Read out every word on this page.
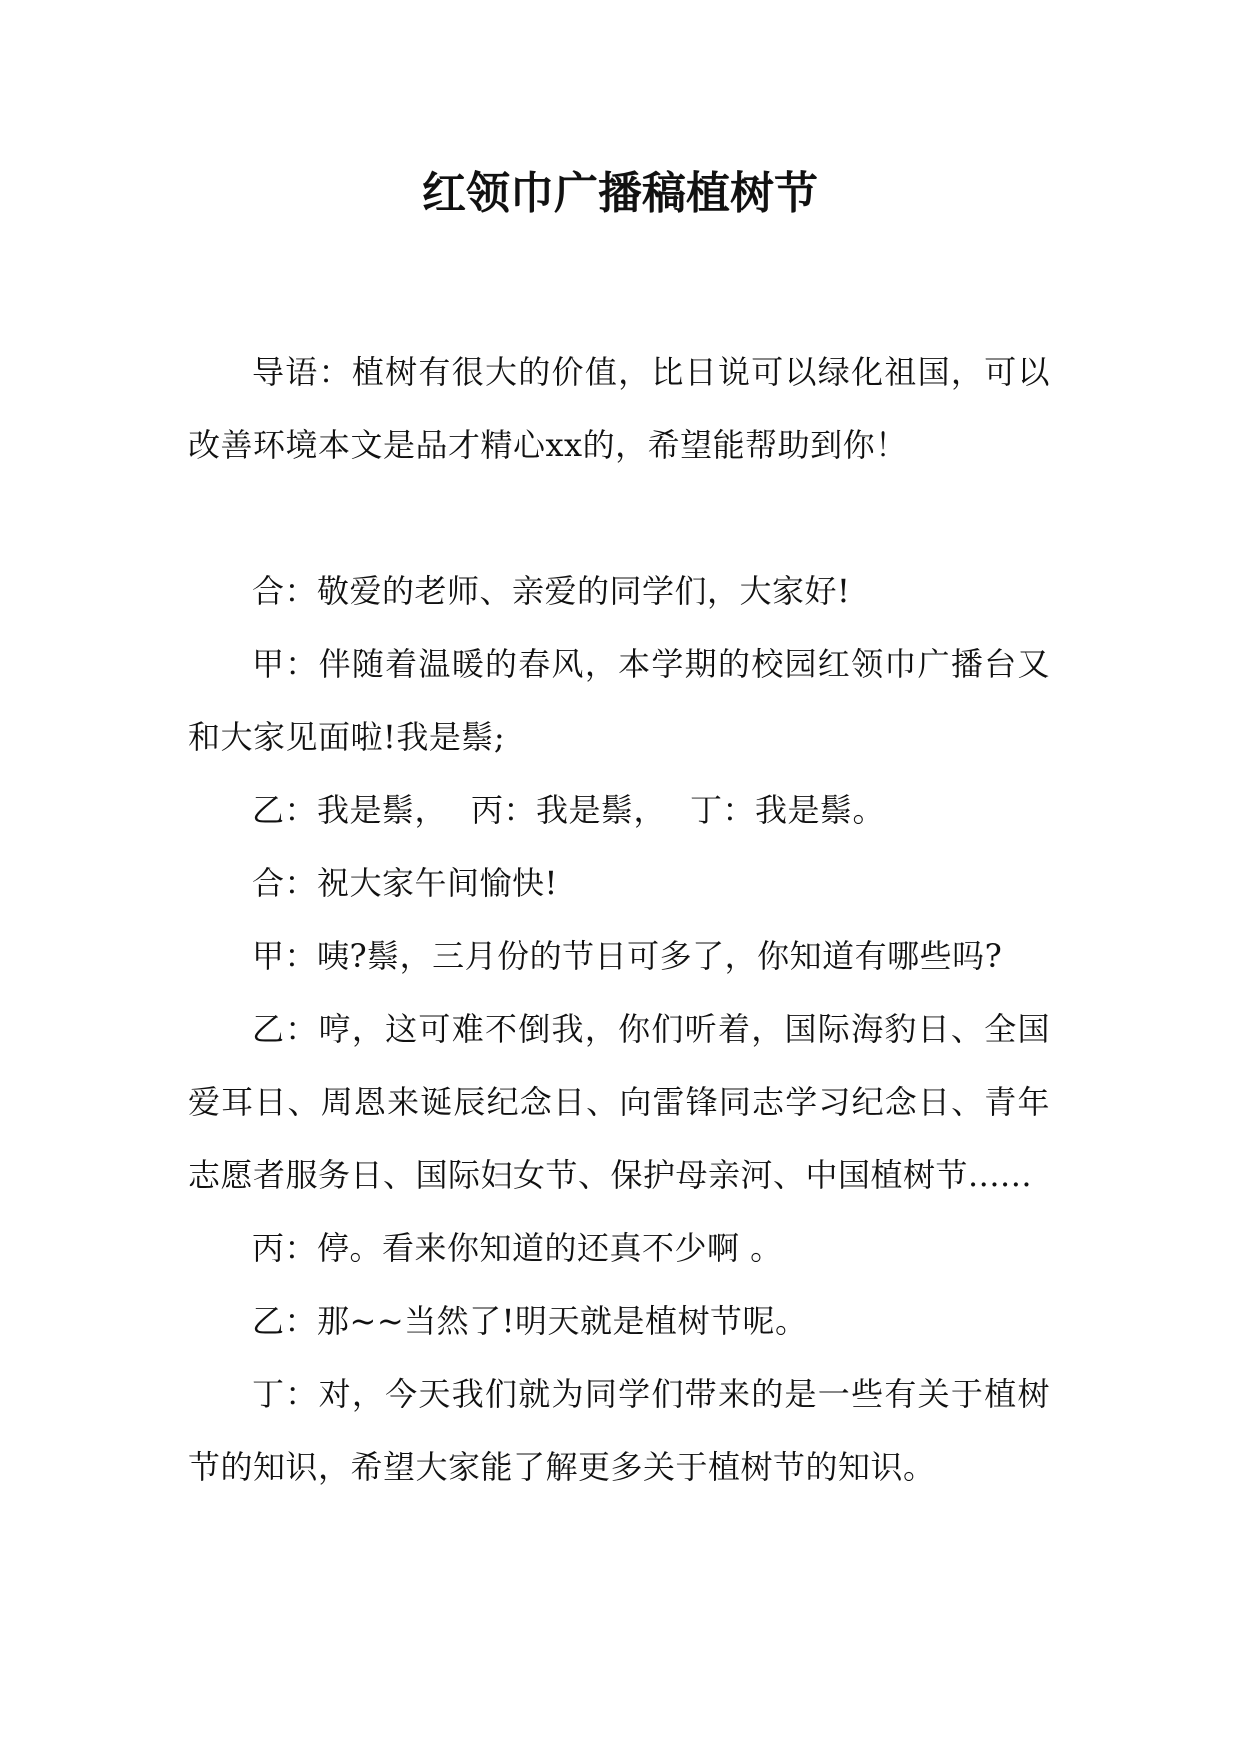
红领巾广播稿植树节

导语：植树有很大的价值，比日说可以绿化祖国，可以改善环境本文是品才精心xx的，希望能帮助到你！

合：敬爱的老师、亲爱的同学们，大家好!

甲：伴随着温暖的春风，本学期的校园红领巾广播台又和大家见面啦!我是鬃;

乙：我是鬃， 丙：我是鬃， 丁：我是鬃。

合：祝大家午间愉快!

甲：咦?鬃，三月份的节日可多了，你知道有哪些吗?

乙：哼，这可难不倒我，你们听着，国际海豹日、全国爱耳日、周恩来诞辰纪念日、向雷锋同志学习纪念日、青年志愿者服务日、国际妇女节、保护母亲河、中国植树节......

丙：停。看来你知道的还真不少啊 。

乙：那~~当然了!明天就是植树节呢。

丁：对，今天我们就为同学们带来的是一些有关于植树节的知识，希望大家能了解更多关于植树节的知识。
